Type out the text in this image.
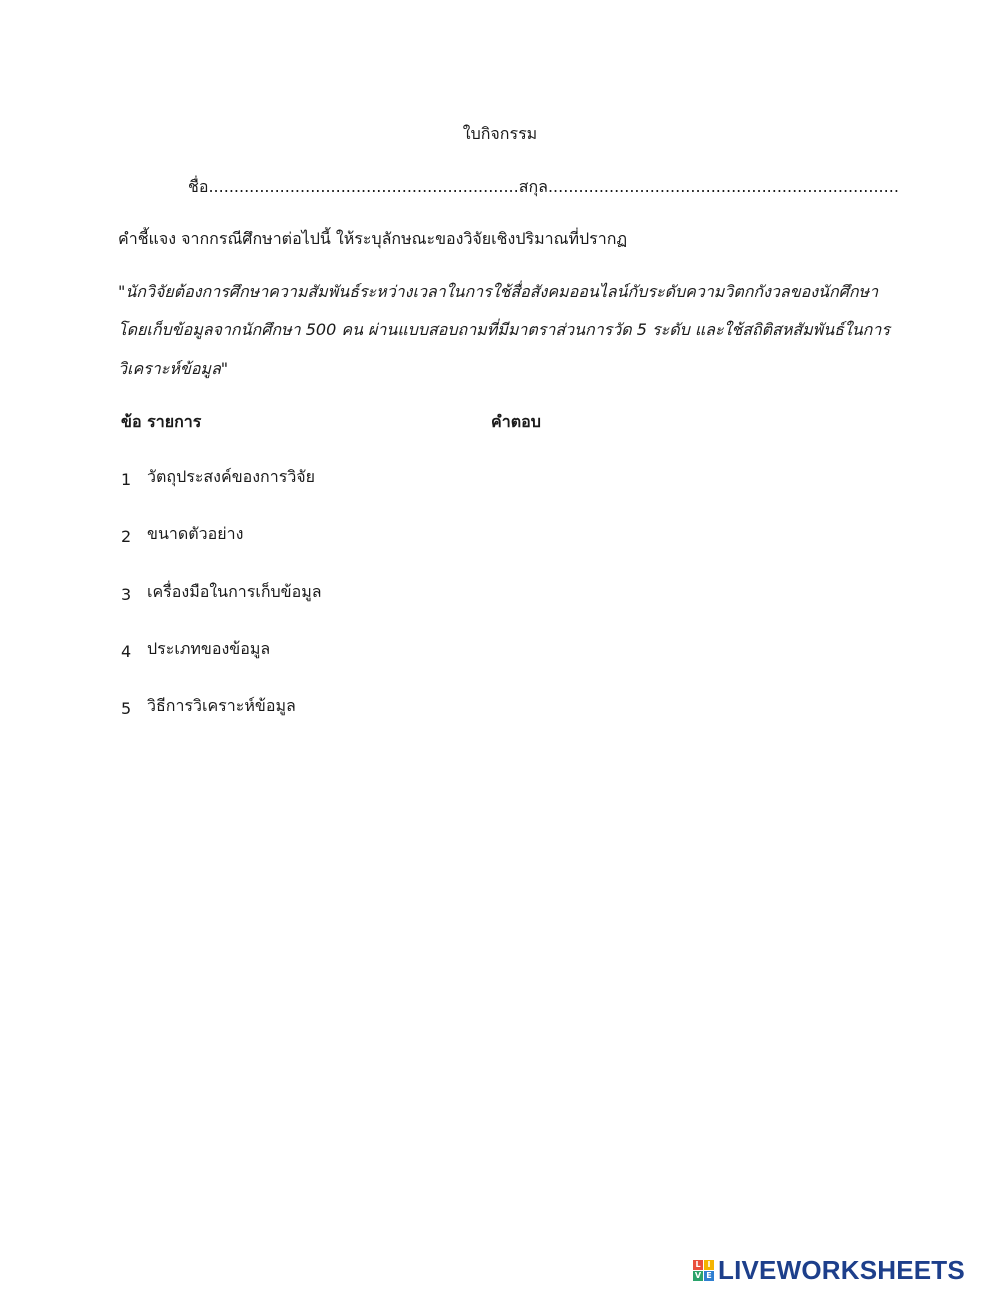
ใบกิจกรรม
ชื่อ.............................................................สกุล.....................................................................
คำชี้แจง จากกรณีศึกษาต่อไปนี้ ให้ระบุลักษณะของวิจัยเชิงปริมาณที่ปรากฏ
"นักวิจัยต้องการศึกษาความสัมพันธ์ระหว่างเวลาในการใช้สื่อสังคมออนไลน์กับระดับความวิตกกังวลของนักศึกษา
โดยเก็บข้อมูลจากนักศึกษา 500 คน ผ่านแบบสอบถามที่มีมาตราส่วนการวัด 5 ระดับ และใช้สถิติสหสัมพันธ์ในการ
วิเคราะห์ข้อมูล"
ข้อ รายการ	คำตอบ
1 วัตถุประสงค์ของการวิจัย
2 ขนาดตัวอย่าง
3 เครื่องมือในการเก็บข้อมูล
4 ประเภทของข้อมูล
5 วิธีการวิเคราะห์ข้อมูล
L I
V E LIVEWORKSHEETS
